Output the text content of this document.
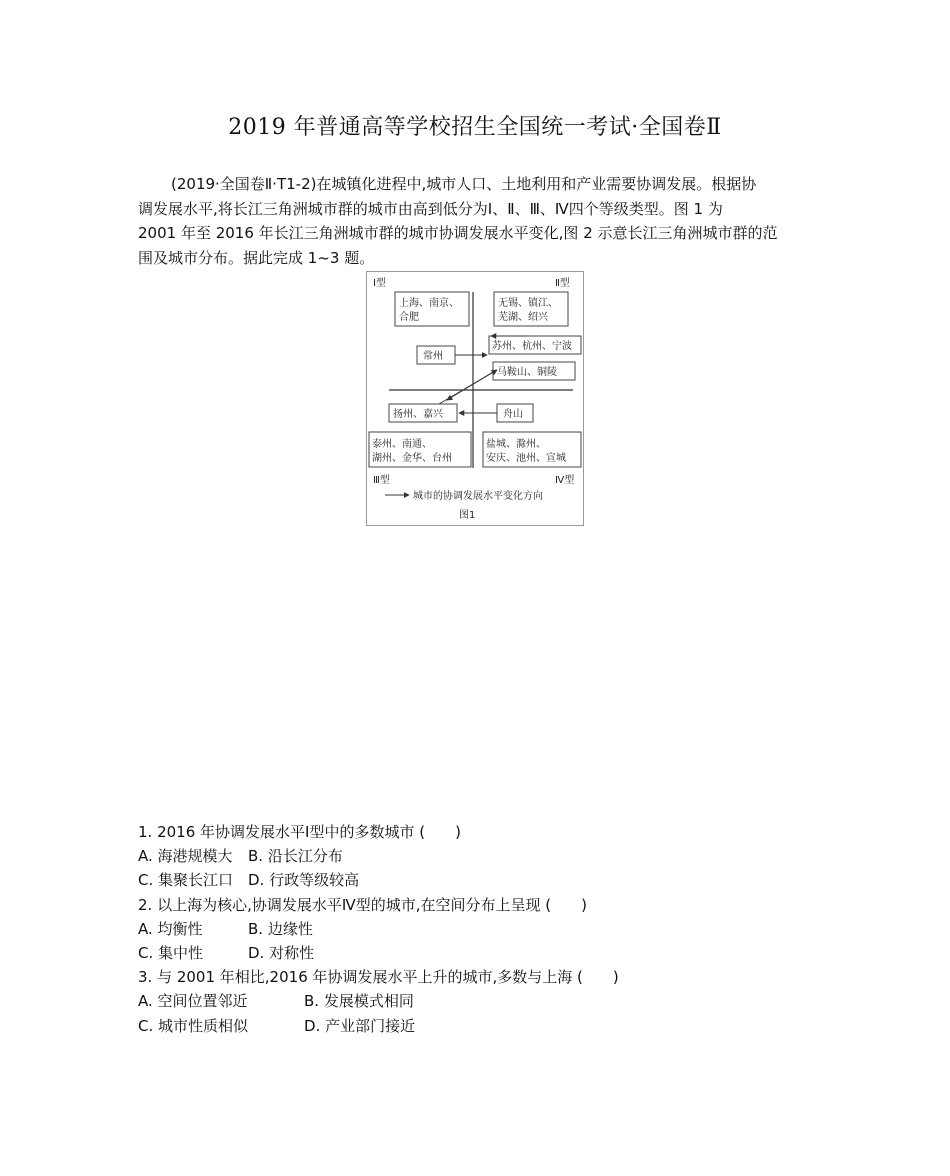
2019 年普通高等学校招生全国统一考试·全国卷Ⅱ
(2019·全国卷Ⅱ·T1-2)在城镇化进程中,城市人口、土地利用和产业需要协调发展。根据协
调发展水平,将长江三角洲城市群的城市由高到低分为Ⅰ、Ⅱ、Ⅲ、Ⅳ四个等级类型。图 1 为
2001 年至 2016 年长江三角洲城市群的城市协调发展水平变化,图 2 示意长江三角洲城市群的范
围及城市分布。据此完成 1~3 题。
Ⅰ型	Ⅱ型
Ⅲ型	Ⅳ型
上海、南京、
合肥
无锡、镇江、
芜湖、绍兴
苏州、杭州、宁波
常州
马鞍山、铜陵
扬州、嘉兴	舟山
泰州、南通、
湖州、金华、台州
盐城、滁州、
安庆、池州、宣城
城市的协调发展水平变化方向
图1
1. 2016 年协调发展水平Ⅰ型中的多数城市 (　　)
A. 海港规模大 B. 沿长江分布
C. 集聚长江口 D. 行政等级较高
2. 以上海为核心,协调发展水平Ⅳ型的城市,在空间分布上呈现 (　　)
A. 均衡性	B. 边缘性
C. 集中性	D. 对称性
3. 与 2001 年相比,2016 年协调发展水平上升的城市,多数与上海 (　　)
A. 空间位置邻近	B. 发展模式相同
C. 城市性质相似	D. 产业部门接近
